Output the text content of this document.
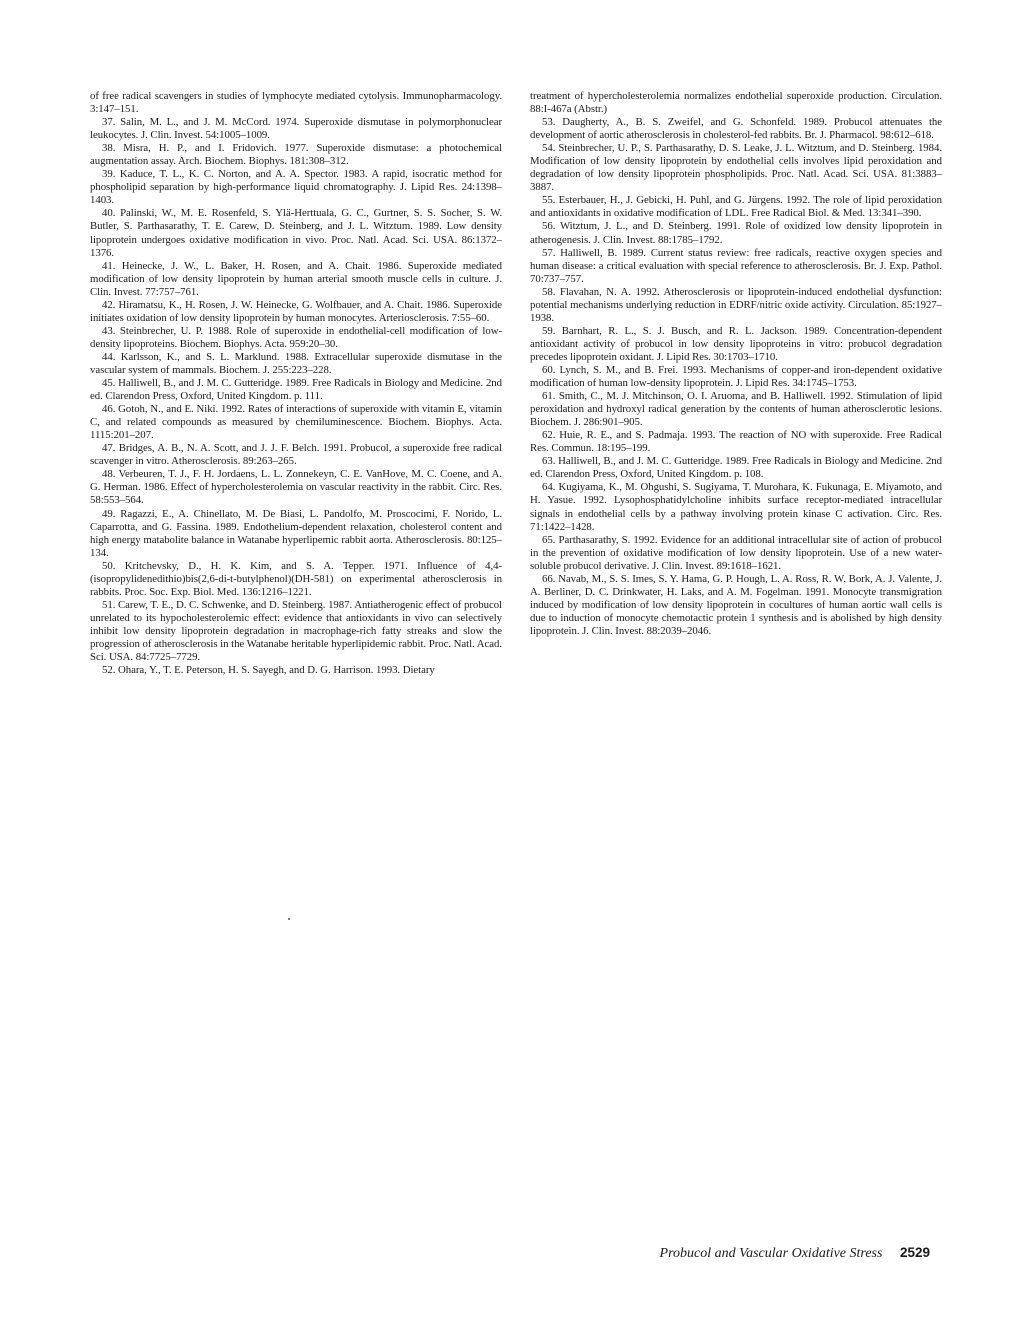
of free radical scavengers in studies of lymphocyte mediated cytolysis. Immunopharmacology. 3:147–151.

37. Salin, M. L., and J. M. McCord. 1974. Superoxide dismutase in polymorphonuclear leukocytes. J. Clin. Invest. 54:1005–1009.

38. Misra, H. P., and I. Fridovich. 1977. Superoxide dismutase: a photochemical augmentation assay. Arch. Biochem. Biophys. 181:308–312.

39. Kaduce, T. L., K. C. Norton, and A. A. Spector. 1983. A rapid, isocratic method for phospholipid separation by high-performance liquid chromatography. J. Lipid Res. 24:1398–1403.

40. Palinski, W., M. E. Rosenfeld, S. Ylä-Herttuala, G. C., Gurtner, S. S. Socher, S. W. Butler, S. Parthasarathy, T. E. Carew, D. Steinberg, and J. L. Witztum. 1989. Low density lipoprotein undergoes oxidative modification in vivo. Proc. Natl. Acad. Sci. USA. 86:1372–1376.

41. Heinecke, J. W., L. Baker, H. Rosen, and A. Chait. 1986. Superoxide mediated modification of low density lipoprotein by human arterial smooth muscle cells in culture. J. Clin. Invest. 77:757–761.

42. Hiramatsu, K., H. Rosen, J. W. Heinecke, G. Wolfbauer, and A. Chait. 1986. Superoxide initiates oxidation of low density lipoprotein by human monocytes. Arteriosclerosis. 7:55–60.

43. Steinbrecher, U. P. 1988. Role of superoxide in endothelial-cell modification of low-density lipoproteins. Biochem. Biophys. Acta. 959:20–30.

44. Karlsson, K., and S. L. Marklund. 1988. Extracellular superoxide dismutase in the vascular system of mammals. Biochem. J. 255:223–228.

45. Halliwell, B., and J. M. C. Gutteridge. 1989. Free Radicals in Biology and Medicine. 2nd ed. Clarendon Press, Oxford, United Kingdom. p. 111.

46. Gotoh, N., and E. Niki. 1992. Rates of interactions of superoxide with vitamin E, vitamin C, and related compounds as measured by chemiluminescence. Biochem. Biophys. Acta. 1115:201–207.

47. Bridges, A. B., N. A. Scott, and J. J. F. Belch. 1991. Probucol, a superoxide free radical scavenger in vitro. Atherosclerosis. 89:263–265.

48. Verbeuren, T. J., F. H. Jordaens, L. L. Zonnekeyn, C. E. VanHove, M. C. Coene, and A. G. Herman. 1986. Effect of hypercholesterolemia on vascular reactivity in the rabbit. Circ. Res. 58:553–564.

49. Ragazzi, E., A. Chinellato, M. De Biasi, L. Pandolfo, M. Proscocimi, F. Norido, L. Caparrotta, and G. Fassina. 1989. Endothelium-dependent relaxation, cholesterol content and high energy matabolite balance in Watanabe hyperlipemic rabbit aorta. Atherosclerosis. 80:125–134.

50. Kritchevsky, D., H. K. Kim, and S. A. Tepper. 1971. Influence of 4,4-(isopropylidenedithio)bis(2,6-di-t-butylphenol)(DH-581) on experimental atherosclerosis in rabbits. Proc. Soc. Exp. Biol. Med. 136:1216–1221.

51. Carew, T. E., D. C. Schwenke, and D. Steinberg. 1987. Antiatherogenic effect of probucol unrelated to its hypocholesterolemic effect: evidence that antioxidants in vivo can selectively inhibit low density lipoprotein degradation in macrophage-rich fatty streaks and slow the progression of atherosclerosis in the Watanabe heritable hyperlipidemic rabbit. Proc. Natl. Acad. Sci. USA. 84:7725–7729.

52. Ohara, Y., T. E. Peterson, H. S. Sayegh, and D. G. Harrison. 1993. Dietary

treatment of hypercholesterolemia normalizes endothelial superoxide production. Circulation. 88:I-467a (Abstr.)

53. Daugherty, A., B. S. Zweifel, and G. Schonfeld. 1989. Probucol attenuates the development of aortic atherosclerosis in cholesterol-fed rabbits. Br. J. Pharmacol. 98:612–618.

54. Steinbrecher, U. P., S. Parthasarathy, D. S. Leake, J. L. Witztum, and D. Steinberg. 1984. Modification of low density lipoprotein by endothelial cells involves lipid peroxidation and degradation of low density lipoprotein phospholipids. Proc. Natl. Acad. Sci. USA. 81:3883–3887.

55. Esterbauer, H., J. Gebicki, H. Puhl, and G. Jürgens. 1992. The role of lipid peroxidation and antioxidants in oxidative modification of LDL. Free Radical Biol. & Med. 13:341–390.

56. Witztum, J. L., and D. Steinberg. 1991. Role of oxidized low density lipoprotein in atherogenesis. J. Clin. Invest. 88:1785–1792.

57. Halliwell, B. 1989. Current status review: free radicals, reactive oxygen species and human disease: a critical evaluation with special reference to atherosclerosis. Br. J. Exp. Pathol. 70:737–757.

58. Flavahan, N. A. 1992. Atherosclerosis or lipoprotein-induced endothelial dysfunction: potential mechanisms underlying reduction in EDRF/nitric oxide activity. Circulation. 85:1927–1938.

59. Barnhart, R. L., S. J. Busch, and R. L. Jackson. 1989. Concentration-dependent antioxidant activity of probucol in low density lipoproteins in vitro: probucol degradation precedes lipoprotein oxidant. J. Lipid Res. 30:1703–1710.

60. Lynch, S. M., and B. Frei. 1993. Mechanisms of copper-and iron-dependent oxidative modification of human low-density lipoprotein. J. Lipid Res. 34:1745–1753.

61. Smith, C., M. J. Mitchinson, O. I. Aruoma, and B. Halliwell. 1992. Stimulation of lipid peroxidation and hydroxyl radical generation by the contents of human atherosclerotic lesions. Biochem. J. 286:901–905.

62. Huie, R. E., and S. Padmaja. 1993. The reaction of NO with superoxide. Free Radical Res. Commun. 18:195–199.

63. Halliwell, B., and J. M. C. Gutteridge. 1989. Free Radicals in Biology and Medicine. 2nd ed. Clarendon Press, Oxford, United Kingdom. p. 108.

64. Kugiyama, K., M. Ohgushi, S. Sugiyama, T. Murohara, K. Fukunaga, E. Miyamoto, and H. Yasue. 1992. Lysophosphatidylcholine inhibits surface receptor-mediated intracellular signals in endothelial cells by a pathway involving protein kinase C activation. Circ. Res. 71:1422–1428.

65. Parthasarathy, S. 1992. Evidence for an additional intracellular site of action of probucol in the prevention of oxidative modification of low density lipoprotein. Use of a new water-soluble probucol derivative. J. Clin. Invest. 89:1618–1621.

66. Navab, M., S. S. Imes, S. Y. Hama, G. P. Hough, L. A. Ross, R. W. Bork, A. J. Valente, J. A. Berliner, D. C. Drinkwater, H. Laks, and A. M. Fogelman. 1991. Monocyte transmigration induced by modification of low density lipoprotein in cocultures of human aortic wall cells is due to induction of monocyte chemotactic protein 1 synthesis and is abolished by high density lipoprotein. J. Clin. Invest. 88:2039–2046.

Probucol and Vascular Oxidative Stress 2529
